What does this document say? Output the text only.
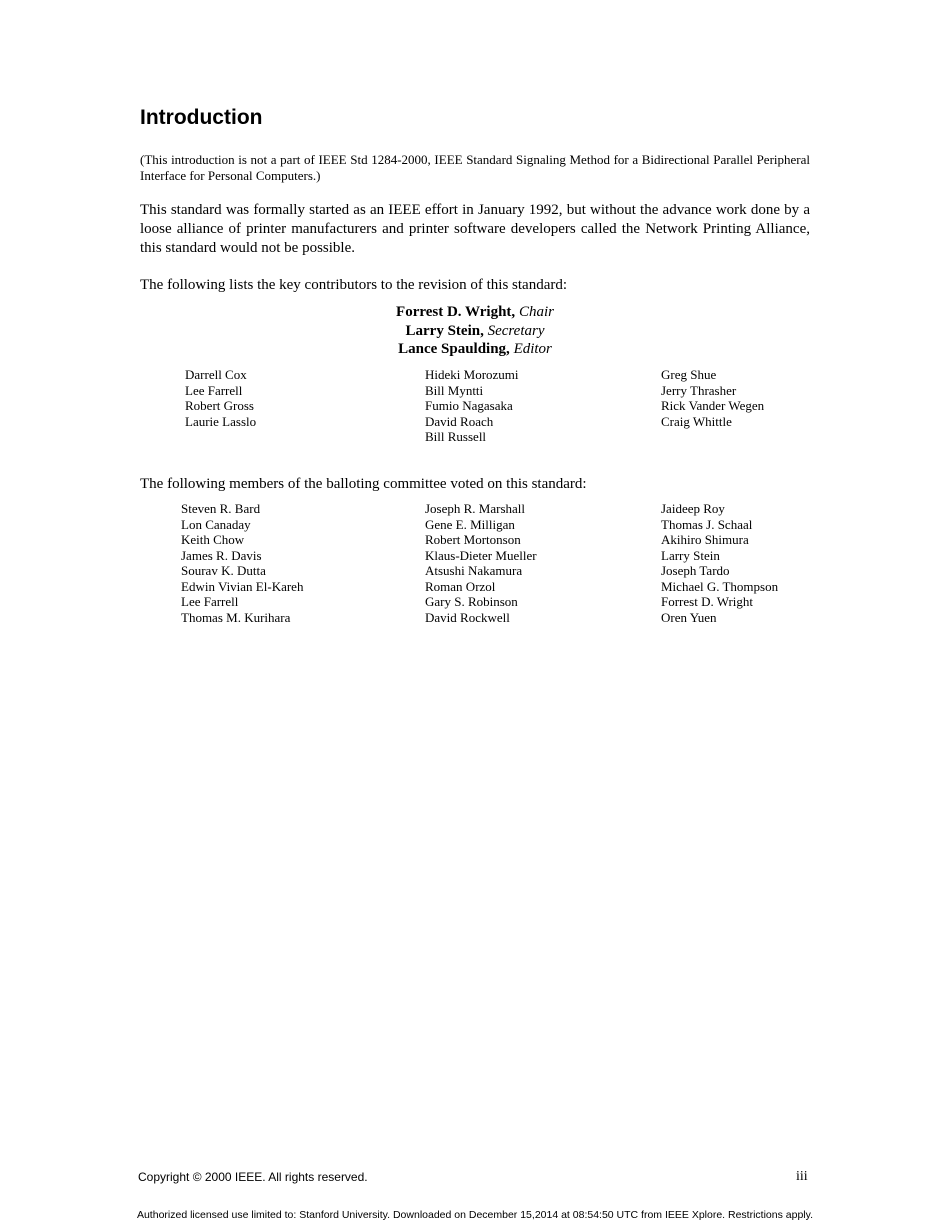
Introduction

(This introduction is not a part of IEEE Std 1284-2000, IEEE Standard Signaling Method for a Bidirectional Parallel Peripheral Interface for Personal Computers.)

This standard was formally started as an IEEE effort in January 1992, but without the advance work done by a loose alliance of printer manufacturers and printer software developers called the Network Printing Alliance, this standard would not be possible.

The following lists the key contributors to the revision of this standard:

Forrest D. Wright, Chair
Larry Stein, Secretary
Lance Spaulding, Editor
Darrell Cox
Lee Farrell
Robert Gross
Laurie Lasslo
Hideki Morozumi
Bill Myntti
Fumio Nagasaka
David Roach
Bill Russell
Greg Shue
Jerry Thrasher
Rick Vander Wegen
Craig Whittle

The following members of the balloting committee voted on this standard:

Steven R. Bard
Lon Canaday
Keith Chow
James R. Davis
Sourav K. Dutta
Edwin Vivian El-Kareh
Lee Farrell
Thomas M. Kurihara
Joseph R. Marshall
Gene E. Milligan
Robert Mortonson
Klaus-Dieter Mueller
Atsushi Nakamura
Roman Orzol
Gary S. Robinson
David Rockwell
Jaideep Roy
Thomas J. Schaal
Akihiro Shimura
Larry Stein
Joseph Tardo
Michael G. Thompson
Forrest D. Wright
Oren Yuen
Copyright © 2000 IEEE. All rights reserved.	iii
Authorized licensed use limited to: Stanford University. Downloaded on December 15,2014 at 08:54:50 UTC from IEEE Xplore. Restrictions apply.
